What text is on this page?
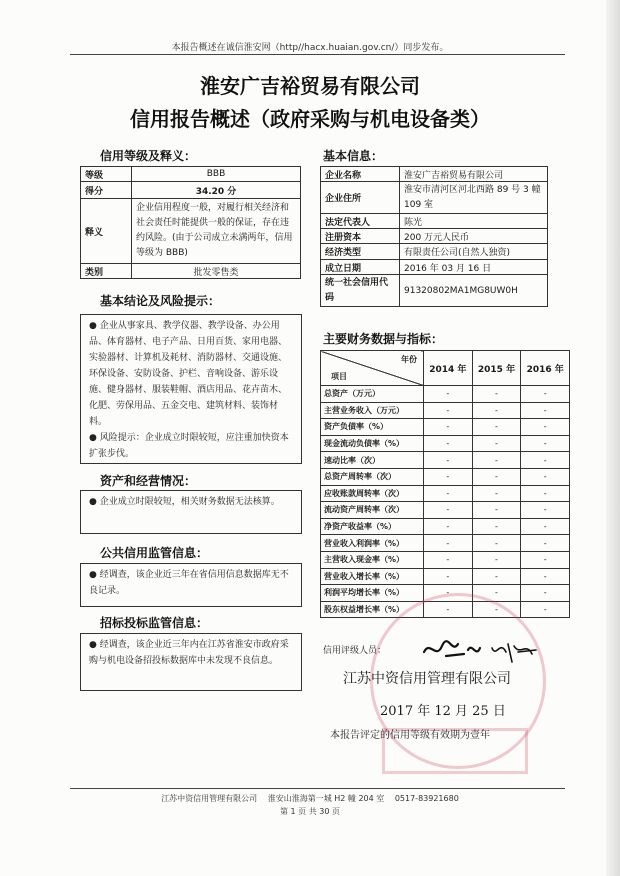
本报告概述在诚信淮安网（http//hacx.huaian.gov.cn/）同步发布。
淮安广吉裕贸易有限公司
信用报告概述（政府采购与机电设备类）
信用等级及释义：
等级	BBB
得分	34.20 分
释义	企业信用程度一般，对履行相关经济和社会责任时能提供一般的保证，存在违约风险。(由于公司成立未满两年，信用等级为 BBB)
类别	批发零售类
基本结论及风险提示：
● 企业从事家具、教学仪器、教学设备、办公用品、体育器材、电子产品、日用百货、家用电器、实验器材、计算机及耗材、消防器材、交通设施、环保设备、安防设备、护栏、音响设备、游乐设施、健身器材、服装鞋帽、酒店用品、花卉苗木、化肥、劳保用品、五金交电、建筑材料、装饰材料。
● 风险提示：企业成立时限较短，应注重加快资本扩张步伐。
资产和经营情况：
● 企业成立时限较短，相关财务数据无法核算。
公共信用监管信息：
● 经调查，该企业近三年在省信用信息数据库无不良记录。
招标投标监管信息：
● 经调查，该企业近三年内在江苏省淮安市政府采购与机电设备招投标数据库中未发现不良信息。
基本信息：
企业名称	淮安广吉裕贸易有限公司
企业住所	淮安市清河区河北西路 89 号 3 幢 109 室
法定代表人	陈光
注册资本	200 万元人民币
经济类型	有限责任公司(自然人独资)
成立日期	2016 年 03 月 16 日
统一社会信用代码	91320802MA1MG8UW0H
主要财务数据与指标：
年份
项目	2014 年	2015 年	2016 年
总资产（万元）	-	-	-
主营业务收入（万元）	-	-	-
资产负债率（%）	-	-	-
现金流动负债率（%）	-	-	-
速动比率（次）	-	-	-
总资产周转率（次）	-	-	-
应收账款周转率（次）	-	-	-
流动资产周转率（次）	-	-	-
净资产收益率（%）	-	-	-
营业收入利润率（%）	-	-	-
主营收入现金率（%）	-	-	-
营业收入增长率（%）	-	-	-
利润平均增长率（%）	-	-	-
股东权益增长率（%）	-	-	-
信用评级人员：
江苏中资信用管理有限公司
2017 年 12 月 25 日
本报告评定的信用等级有效期为壹年
江苏中资信用管理有限公司　 淮安山淮海第一城 H2 幢 204 室　 0517-83921680
第 1 页 共 30 页
